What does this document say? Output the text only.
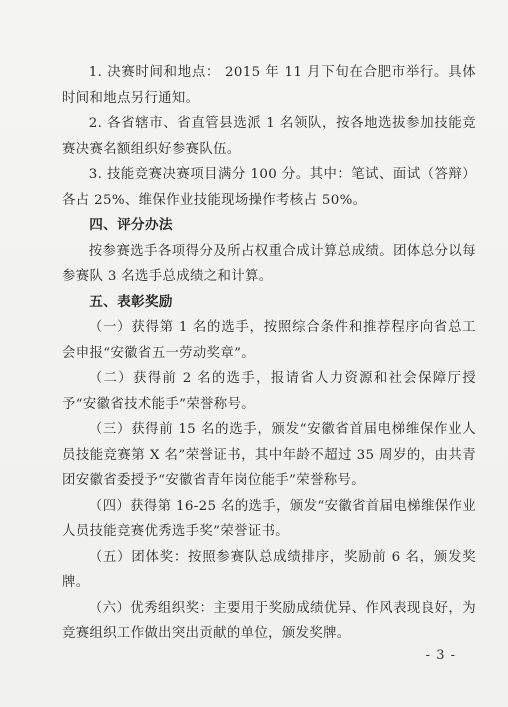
1. 决赛时间和地点： 2015 年 11 月下旬在合肥市举行。具体时间和地点另行通知。

2. 各省辖市、省直管县选派 1 名领队，按各地选拔参加技能竞赛决赛名额组织好参赛队伍。

3. 技能竞赛决赛项目满分 100 分。其中：笔试、面试（答辩）各占 25%、维保作业技能现场操作考核占 50%。

四、评分办法

按参赛选手各项得分及所占权重合成计算总成绩。团体总分以每参赛队 3 名选手总成绩之和计算。

五、表彰奖励

（一）获得第 1 名的选手，按照综合条件和推荐程序向省总工会申报“安徽省五一劳动奖章”。

（二）获得前 2 名的选手，报请省人力资源和社会保障厅授予“安徽省技术能手”荣誉称号。

（三）获得前 15 名的选手，颁发“安徽省首届电梯维保作业人员技能竞赛第 X 名”荣誉证书，其中年龄不超过 35 周岁的，由共青团安徽省委授予“安徽省青年岗位能手”荣誉称号。

（四）获得第 16-25 名的选手，颁发“安徽省首届电梯维保作业人员技能竞赛优秀选手奖”荣誉证书。

（五）团体奖：按照参赛队总成绩排序，奖励前 6 名，颁发奖牌。

（六）优秀组织奖：主要用于奖励成绩优异、作风表现良好，为竞赛组织工作做出突出贡献的单位，颁发奖牌。

- 3 -
